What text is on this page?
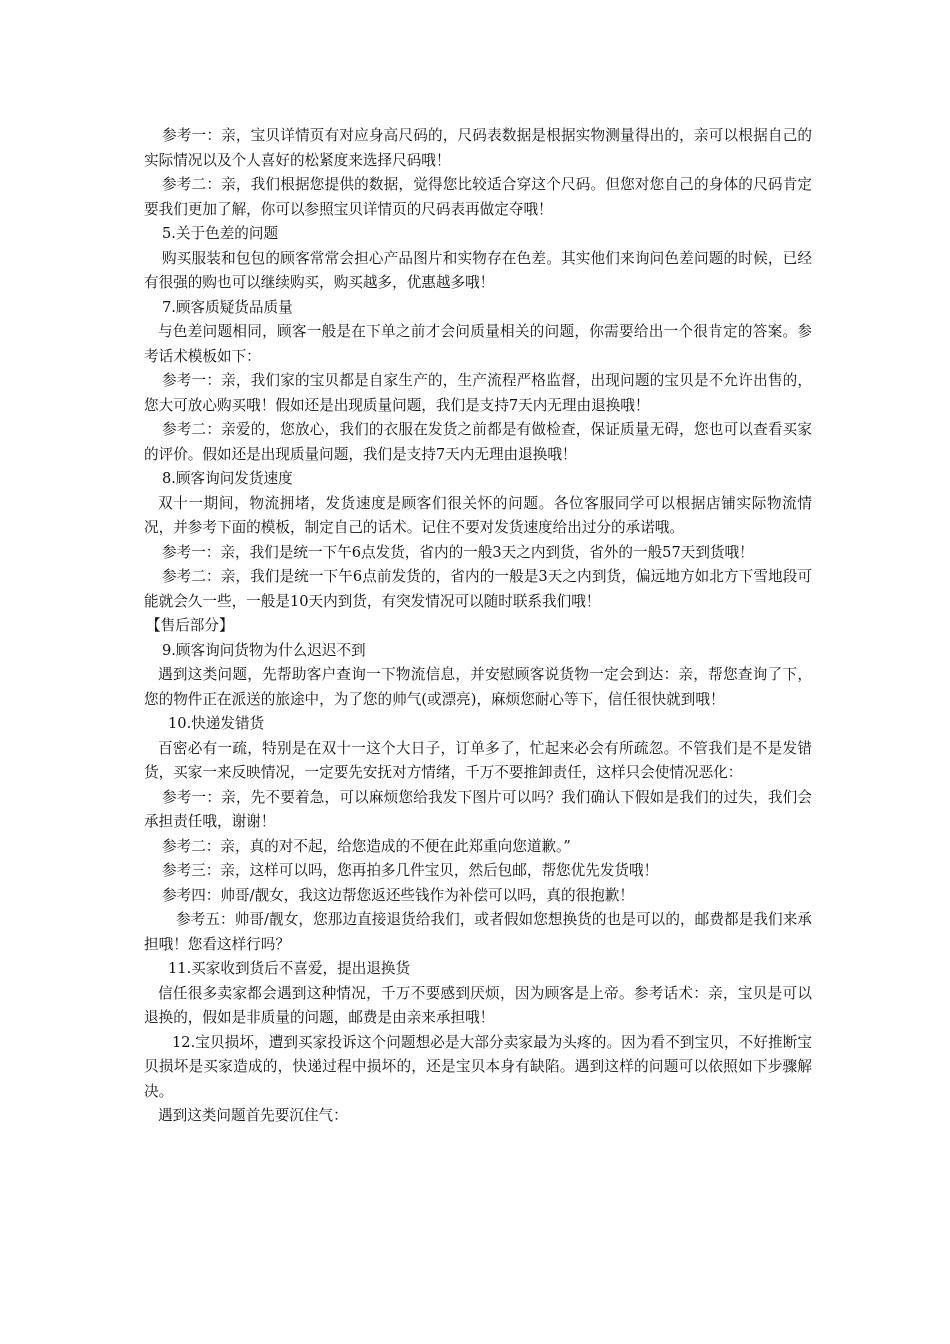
参考一：亲，宝贝详情页有对应身高尺码的，尺码表数据是根据实物测量得出的，亲可以根据自己的实际情况以及个人喜好的松紧度来选择尺码哦！

参考二：亲，我们根据您提供的数据，觉得您比较适合穿这个尺码。但您对您自己的身体的尺码肯定要我们更加了解，你可以参照宝贝详情页的尺码表再做定夺哦！

5.关于色差的问题

购买服装和包包的顾客常常会担心产品图片和实物存在色差。其实他们来询问色差问题的时候，已经有很强的购也可以继续购买，购买越多，优惠越多哦！

7.顾客质疑货品质量

与色差问题相同，顾客一般是在下单之前才会问质量相关的问题，你需要给出一个很肯定的答案。参考话术模板如下：

参考一：亲，我们家的宝贝都是自家生产的，生产流程严格监督，出现问题的宝贝是不允许出售的，您大可放心购买哦！假如还是出现质量问题，我们是支持7天内无理由退换哦！

参考二：亲爱的，您放心，我们的衣服在发货之前都是有做检查，保证质量无碍，您也可以查看买家的评价。假如还是出现质量问题，我们是支持7天内无理由退换哦！

8.顾客询问发货速度

双十一期间，物流拥堵，发货速度是顾客们很关怀的问题。各位客服同学可以根据店铺实际物流情况，并参考下面的模板，制定自己的话术。记住不要对发货速度给出过分的承诺哦。

参考一：亲，我们是统一下午6点发货，省内的一般3天之内到货，省外的一般57天到货哦！

参考二：亲，我们是统一下午6点前发货的，省内的一般是3天之内到货，偏远地方如北方下雪地段可能就会久一些，一般是10天内到货，有突发情况可以随时联系我们哦！

【售后部分】

9.顾客询问货物为什么迟迟不到

遇到这类问题，先帮助客户查询一下物流信息，并安慰顾客说货物一定会到达：亲，帮您查询了下，您的物件正在派送的旅途中，为了您的帅气(或漂亮)，麻烦您耐心等下，信任很快就到哦！

10.快递发错货

百密必有一疏，特别是在双十一这个大日子，订单多了，忙起来必会有所疏忽。不管我们是不是发错货，买家一来反映情况，一定要先安抚对方情绪，千万不要推卸责任，这样只会使情况恶化：

参考一：亲，先不要着急，可以麻烦您给我发下图片可以吗？我们确认下假如是我们的过失，我们会承担责任哦，谢谢！

参考二：亲，真的对不起，给您造成的不便在此郑重向您道歉。”

参考三：亲，这样可以吗，您再拍多几件宝贝，然后包邮，帮您优先发货哦！

参考四：帅哥/靓女，我这边帮您返还些钱作为补偿可以吗，真的很抱歉！

参考五：帅哥/靓女，您那边直接退货给我们，或者假如您想换货的也是可以的，邮费都是我们来承担哦！您看这样行吗？

11.买家收到货后不喜爱，提出退换货

信任很多卖家都会遇到这种情况，千万不要感到厌烦，因为顾客是上帝。参考话术：亲，宝贝是可以退换的，假如是非质量的问题，邮费是由亲来承担哦！

12.宝贝损坏，遭到买家投诉这个问题想必是大部分卖家最为头疼的。因为看不到宝贝，不好推断宝贝损坏是买家造成的，快递过程中损坏的，还是宝贝本身有缺陷。遇到这样的问题可以依照如下步骤解决。

遇到这类问题首先要沉住气：
